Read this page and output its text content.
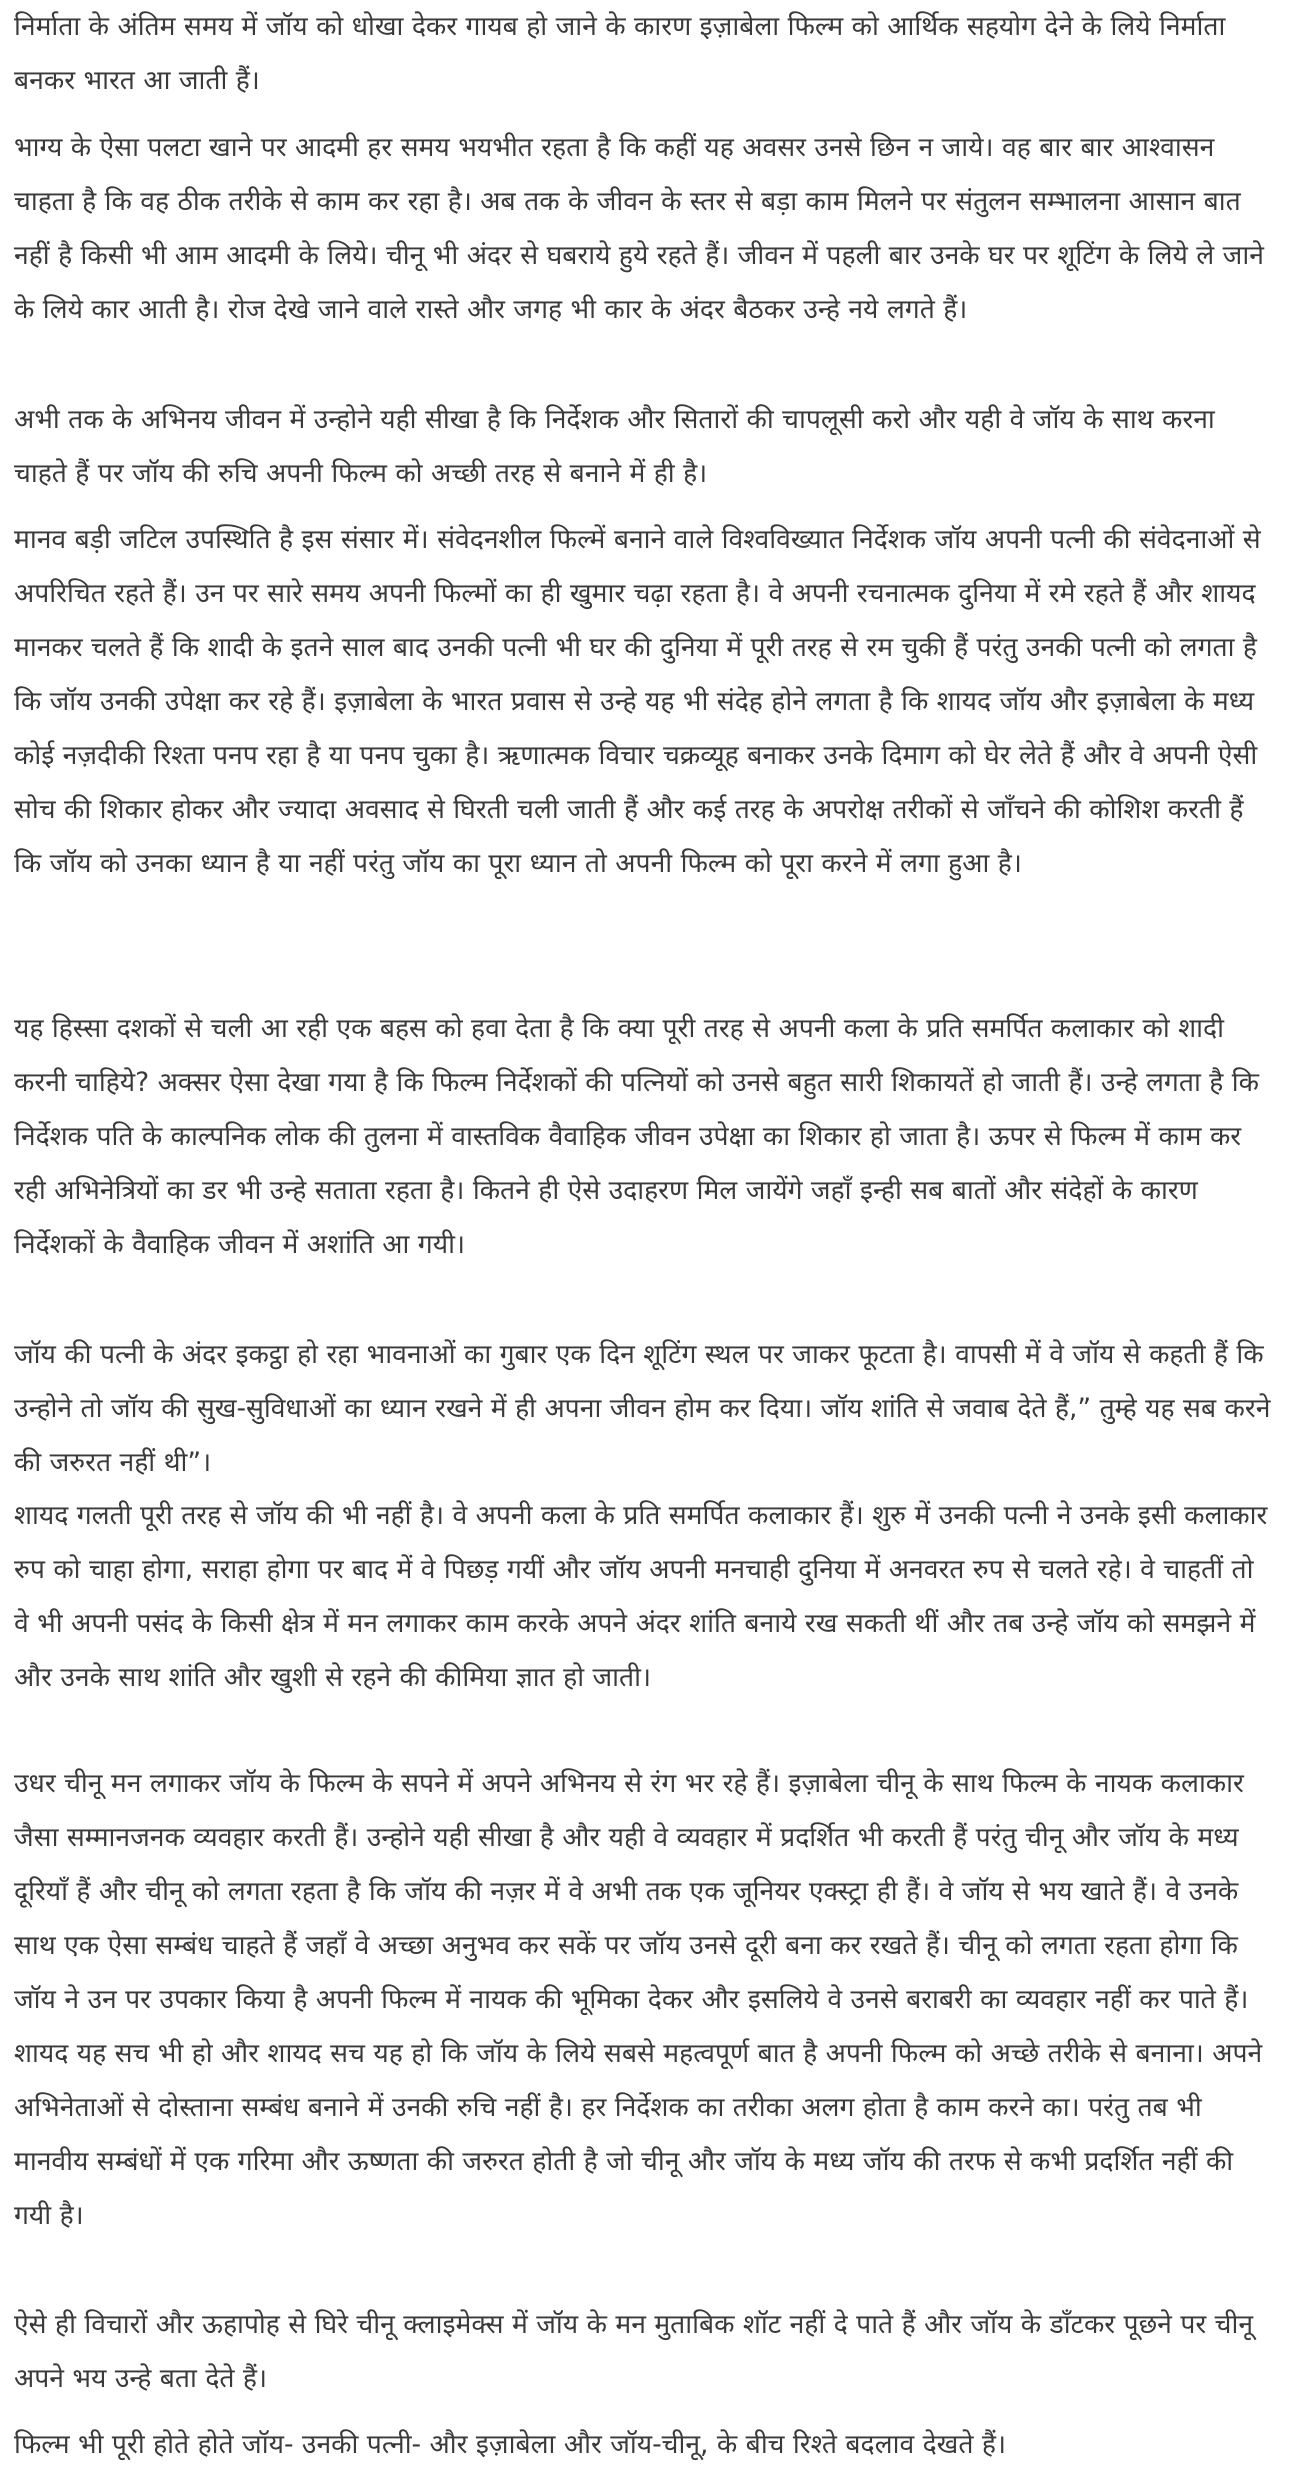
निर्माता के अंतिम समय में जॉय को धोखा देकर गायब हो जाने के कारण इज़ाबेला फिल्म को आर्थिक सहयोग देने के लिये निर्माता बनकर भारत आ जाती हैं।

भाग्य के ऐसा पलटा खाने पर आदमी हर समय भयभीत रहता है कि कहीं यह अवसर उनसे छिन न जाये। वह बार बार आश्वासन चाहता है कि वह ठीक तरीके से काम कर रहा है। अब तक के जीवन के स्तर से बड़ा काम मिलने पर संतुलन सम्भालना आसान बात नहीं है किसी भी आम आदमी के लिये। चीनू भी अंदर से घबराये हुये रहते हैं। जीवन में पहली बार उनके घर पर शूटिंग के लिये ले जाने के लिये कार आती है। रोज देखे जाने वाले रास्ते और जगह भी कार के अंदर बैठकर उन्हे नये लगते हैं।

अभी तक के अभिनय जीवन में उन्होने यही सीखा है कि निर्देशक और सितारों की चापलूसी करो और यही वे जॉय के साथ करना चाहते हैं पर जॉय की रुचि अपनी फिल्म को अच्छी तरह से बनाने में ही है।

मानव बड़ी जटिल उपस्थिति है इस संसार में। संवेदनशील फिल्में बनाने वाले विश्वविख्यात निर्देशक जॉय अपनी पत्नी की संवेदनाओं से अपरिचित रहते हैं। उन पर सारे समय अपनी फिल्मों का ही खुमार चढ़ा रहता है। वे अपनी रचनात्मक दुनिया में रमे रहते हैं और शायद मानकर चलते हैं कि शादी के इतने साल बाद उनकी पत्नी भी घर की दुनिया में पूरी तरह से रम चुकी हैं परंतु उनकी पत्नी को लगता है कि जॉय उनकी उपेक्षा कर रहे हैं। इज़ाबेला के भारत प्रवास से उन्हे यह भी संदेह होने लगता है कि शायद जॉय और इज़ाबेला के मध्य कोई नज़दीकी रिश्ता पनप रहा है या पनप चुका है। ऋणात्मक विचार चक्रव्यूह बनाकर उनके दिमाग को घेर लेते हैं और वे अपनी ऐसी सोच की शिकार होकर और ज्यादा अवसाद से घिरती चली जाती हैं और कई तरह के अपरोक्ष तरीकों से जाँचने की कोशिश करती हैं कि जॉय को उनका ध्यान है या नहीं परंतु जॉय का पूरा ध्यान तो अपनी फिल्म को पूरा करने में लगा हुआ है।

यह हिस्सा दशकों से चली आ रही एक बहस को हवा देता है कि क्या पूरी तरह से अपनी कला के प्रति समर्पित कलाकार को शादी करनी चाहिये? अक्सर ऐसा देखा गया है कि फिल्म निर्देशकों की पत्नियों को उनसे बहुत सारी शिकायतें हो जाती हैं। उन्हे लगता है कि निर्देशक पति के काल्पनिक लोक की तुलना में वास्तविक वैवाहिक जीवन उपेक्षा का शिकार हो जाता है। ऊपर से फिल्म में काम कर रही अभिनेत्रियों का डर भी उन्हे सताता रहता है। कितने ही ऐसे उदाहरण मिल जायेंगे जहाँ इन्ही सब बातों और संदेहों के कारण निर्देशकों के वैवाहिक जीवन में अशांति आ गयी।

जॉय की पत्नी के अंदर इकट्ठा हो रहा भावनाओं का गुबार एक दिन शूटिंग स्थल पर जाकर फूटता है। वापसी में वे जॉय से कहती हैं कि उन्होने तो जॉय की सुख-सुविधाओं का ध्यान रखने में ही अपना जीवन होम कर दिया। जॉय शांति से जवाब देते हैं,” तुम्हे यह सब करने की जरुरत नहीं थी”।

शायद गलती पूरी तरह से जॉय की भी नहीं है। वे अपनी कला के प्रति समर्पित कलाकार हैं। शुरु में उनकी पत्नी ने उनके इसी कलाकार रुप को चाहा होगा, सराहा होगा पर बाद में वे पिछड़ गयीं और जॉय अपनी मनचाही दुनिया में अनवरत रुप से चलते रहे। वे चाहतीं तो वे भी अपनी पसंद के किसी क्षेत्र में मन लगाकर काम करके अपने अंदर शांति बनाये रख सकती थीं और तब उन्हे जॉय को समझने में और उनके साथ शांति और खुशी से रहने की कीमिया ज्ञात हो जाती।

उधर चीनू मन लगाकर जॉय के फिल्म के सपने में अपने अभिनय से रंग भर रहे हैं। इज़ाबेला चीनू के साथ फिल्म के नायक कलाकार जैसा सम्मानजनक व्यवहार करती हैं। उन्होने यही सीखा है और यही वे व्यवहार में प्रदर्शित भी करती हैं परंतु चीनू और जॉय के मध्य दूरियाँ हैं और चीनू को लगता रहता है कि जॉय की नज़र में वे अभी तक एक जूनियर एक्स्ट्रा ही हैं। वे जॉय से भय खाते हैं। वे उनके साथ एक ऐसा सम्बंध चाहते हैं जहाँ वे अच्छा अनुभव कर सकें पर जॉय उनसे दूरी बना कर रखते हैं। चीनू को लगता रहता होगा कि जॉय ने उन पर उपकार किया है अपनी फिल्म में नायक की भूमिका देकर और इसलिये वे उनसे बराबरी का व्यवहार नहीं कर पाते हैं। शायद यह सच भी हो और शायद सच यह हो कि जॉय के लिये सबसे महत्वपूर्ण बात है अपनी फिल्म को अच्छे तरीके से बनाना। अपने अभिनेताओं से दोस्ताना सम्बंध बनाने में उनकी रुचि नहीं है। हर निर्देशक का तरीका अलग होता है काम करने का। परंतु तब भी मानवीय सम्बंधों में एक गरिमा और ऊष्णता की जरुरत होती है जो चीनू और जॉय के मध्य जॉय की तरफ से कभी प्रदर्शित नहीं की गयी है।

ऐसे ही विचारों और ऊहापोह से घिरे चीनू क्लाइमेक्स में जॉय के मन मुताबिक शॉट नहीं दे पाते हैं और जॉय के डाँटकर पूछने पर चीनू अपने भय उन्हे बता देते हैं।

फिल्म भी पूरी होते होते जॉय- उनकी पत्नी- और इज़ाबेला और जॉय-चीनू, के बीच रिश्ते बदलाव देखते हैं।
